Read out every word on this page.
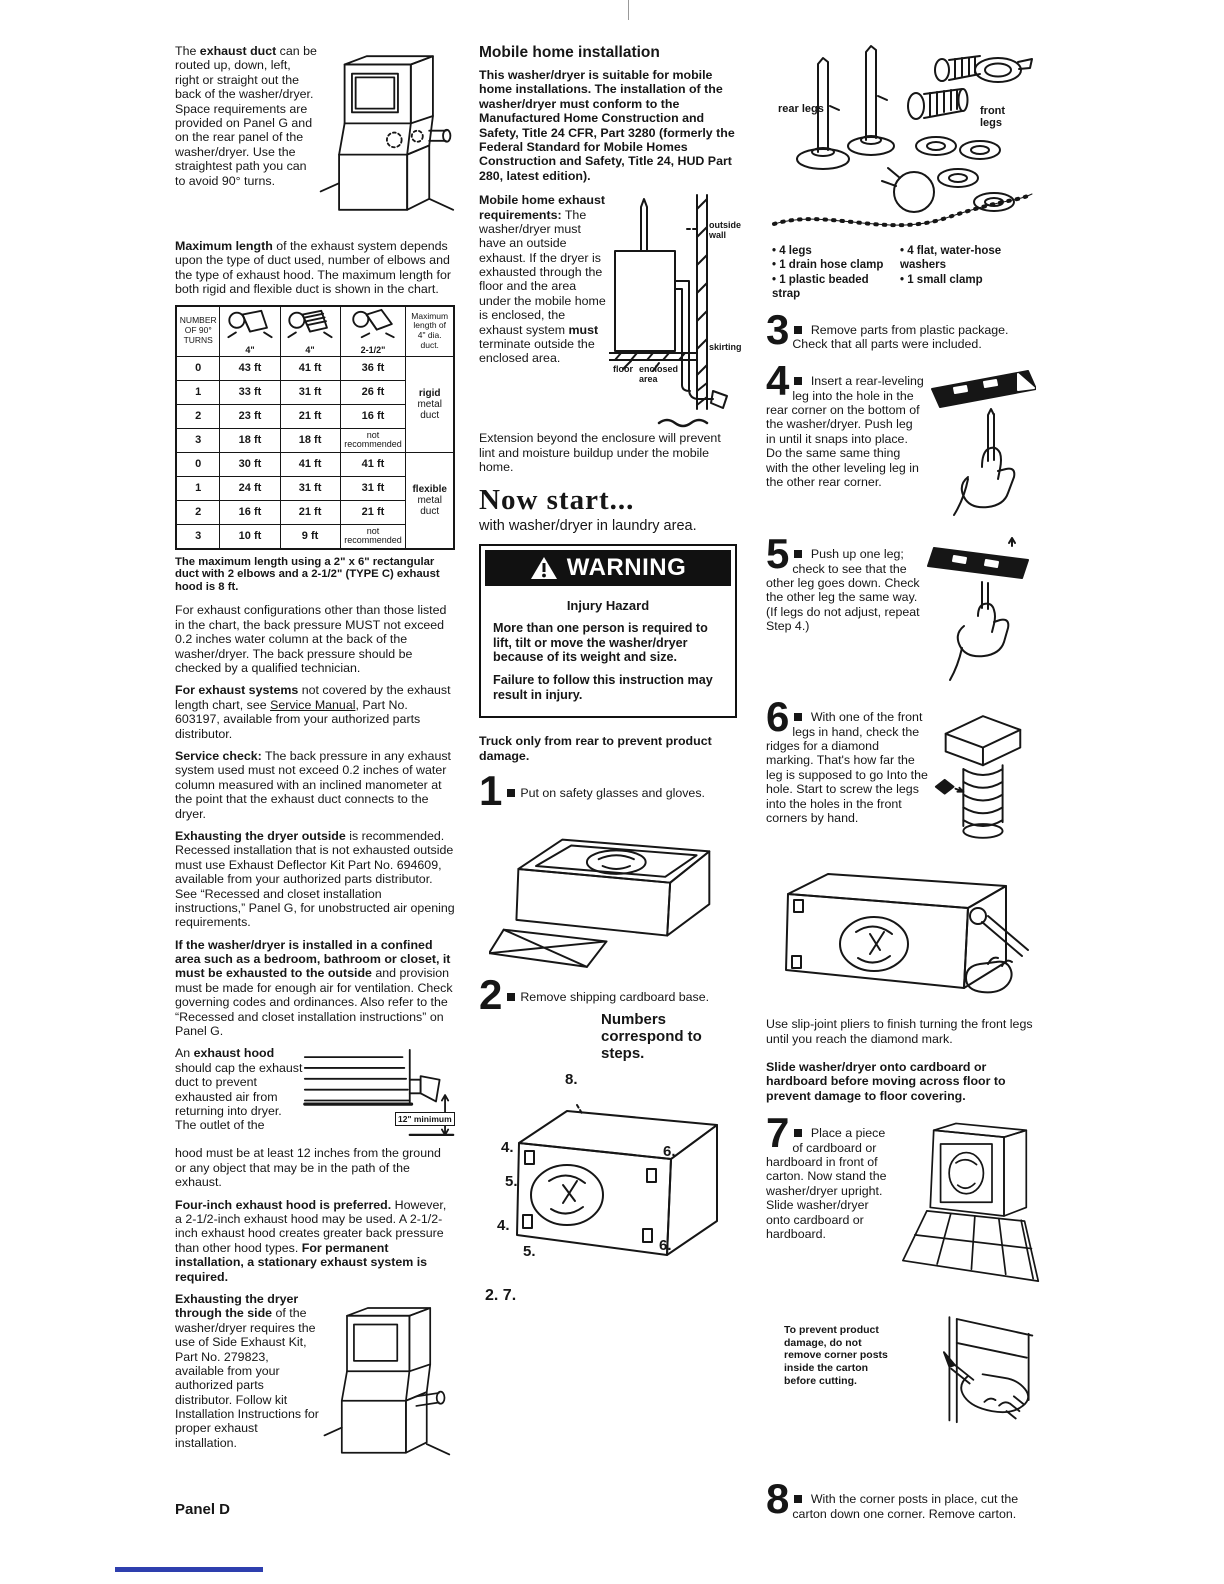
The exhaust duct can be routed up, down, left, right or straight out the back of the washer/dryer. Space requirements are provided on Panel G and on the rear panel of the washer/dryer. Use the straightest path you can to avoid 90° turns.

Maximum length of the exhaust system depends upon the type of duct used, number of elbows and the type of exhaust hood. The maximum length for both rigid and flexible duct is shown in the chart.

NUMBER OF 90° TURNS	4"	4"	2-1/2"	Maximum length of 4" dia. duct.
0	43 ft	41 ft	36 ft	rigid
metal duct
1	33 ft	31 ft	26 ft	
2	23 ft	21 ft	16 ft	
3	18 ft	18 ft	not recommended	
0	30 ft	41 ft	41 ft	flexible
metal duct
1	24 ft	31 ft	31 ft	
2	16 ft	21 ft	21 ft	
3	10 ft	9 ft	not recommended	
The maximum length using a 2" x 6" rectangular duct with 2 elbows and a 2-1/2" (TYPE C) exhaust hood is 8 ft.

For exhaust configurations other than those listed in the chart, the back pressure MUST not exceed 0.2 inches water column at the back of the washer/dryer. The back pressure should be checked by a qualified technician.

For exhaust systems not covered by the exhaust length chart, see Service Manual, Part No. 603197, available from your authorized parts distributor.

Service check: The back pressure in any exhaust system used must not exceed 0.2 inches of water column measured with an inclined manometer at the point that the exhaust duct connects to the dryer.

Exhausting the dryer outside is recommended. Recessed installation that is not exhausted outside must use Exhaust Deflector Kit Part No. 694609, available from your authorized parts distributor. See “Recessed and closet installation instructions,” Panel G, for unobstructed air opening requirements.

If the washer/dryer is installed in a confined area such as a bedroom, bathroom or closet, it must be exhausted to the outside and provision must be made for enough air for ventilation. Check governing codes and ordinances. Also refer to the “Recessed and closet installation instructions” on Panel G.

An exhaust hood should cap the exhaust duct to prevent exhausted air from returning into dryer. The outlet of the	12" minimum

hood must be at least 12 inches from the ground or any object that may be in the path of the exhaust.

Four-inch exhaust hood is preferred. However, a 2-1/2-inch exhaust hood may be used. A 2-1/2-inch exhaust hood creates greater back pressure than other hood types. For permanent installation, a stationary exhaust system is required.

Exhausting the dryer through the side of the washer/dryer requires the use of Side Exhaust Kit, Part No. 279823, available from your authorized parts distributor. Follow kit Installation Instructions for proper exhaust installation.

Mobile home installation

This washer/dryer is suitable for mobile home installations. The installation of the washer/dryer must conform to the Manufactured Home Construction and Safety, Title 24 CFR, Part 3280 (formerly the Federal Standard for Mobile Homes Construction and Safety, Title 24, HUD Part 280, latest edition).

Mobile home exhaust requirements: The washer/dryer must have an outside exhaust. If the dryer is exhausted through the floor and the area under the mobile home is enclosed, the exhaust system must terminate outside the enclosed area.

outside wall
skirting
floor enclosed area

Extension beyond the enclosure will prevent lint and moisture buildup under the mobile home.

Now start...
with washer/dryer in laundry area.
WARNING
Injury Hazard

More than one person is required to lift, tilt or move the washer/dryer because of its weight and size.

Failure to follow this instruction may result in injury.

Truck only from rear to prevent product damage.

1 Put on safety glasses and gloves.
2 Remove shipping cardboard base.
Numbers correspond to steps.
8.
4.
5.
6.
4.
5.	6.
2. 7.
rear legs	front legs
• 4 legs
• 1 drain hose clamp
• 1 plastic beaded strap
• 4 flat, water-hose washers
• 1 small clamp
3 Remove parts from plastic package. Check that all parts were included.
4 Insert a rear-leveling leg into the hole in the rear corner on the bottom of the washer/dryer. Push leg in until it snaps into place. Do the same same thing with the other leveling leg in the other rear corner.
5 Push up one leg; check to see that the other leg goes down. Check the other leg the same way. (If legs do not adjust, repeat Step 4.)
6 With one of the front legs in hand, check the ridges for a diamond marking. That's how far the leg is supposed to go Into the hole. Start to screw the legs into the holes in the front corners by hand.

Use slip-joint pliers to finish turning the front legs until you reach the diamond mark.

Slide washer/dryer onto cardboard or hardboard before moving across floor to prevent damage to floor covering.

7 Place a piece of cardboard or hardboard in front of carton. Now stand the washer/dryer upright. Slide washer/dryer onto cardboard or hardboard.
To prevent product damage, do not remove corner posts inside the carton before cutting.
8 With the corner posts in place, cut the carton down one corner. Remove carton.
Panel D
